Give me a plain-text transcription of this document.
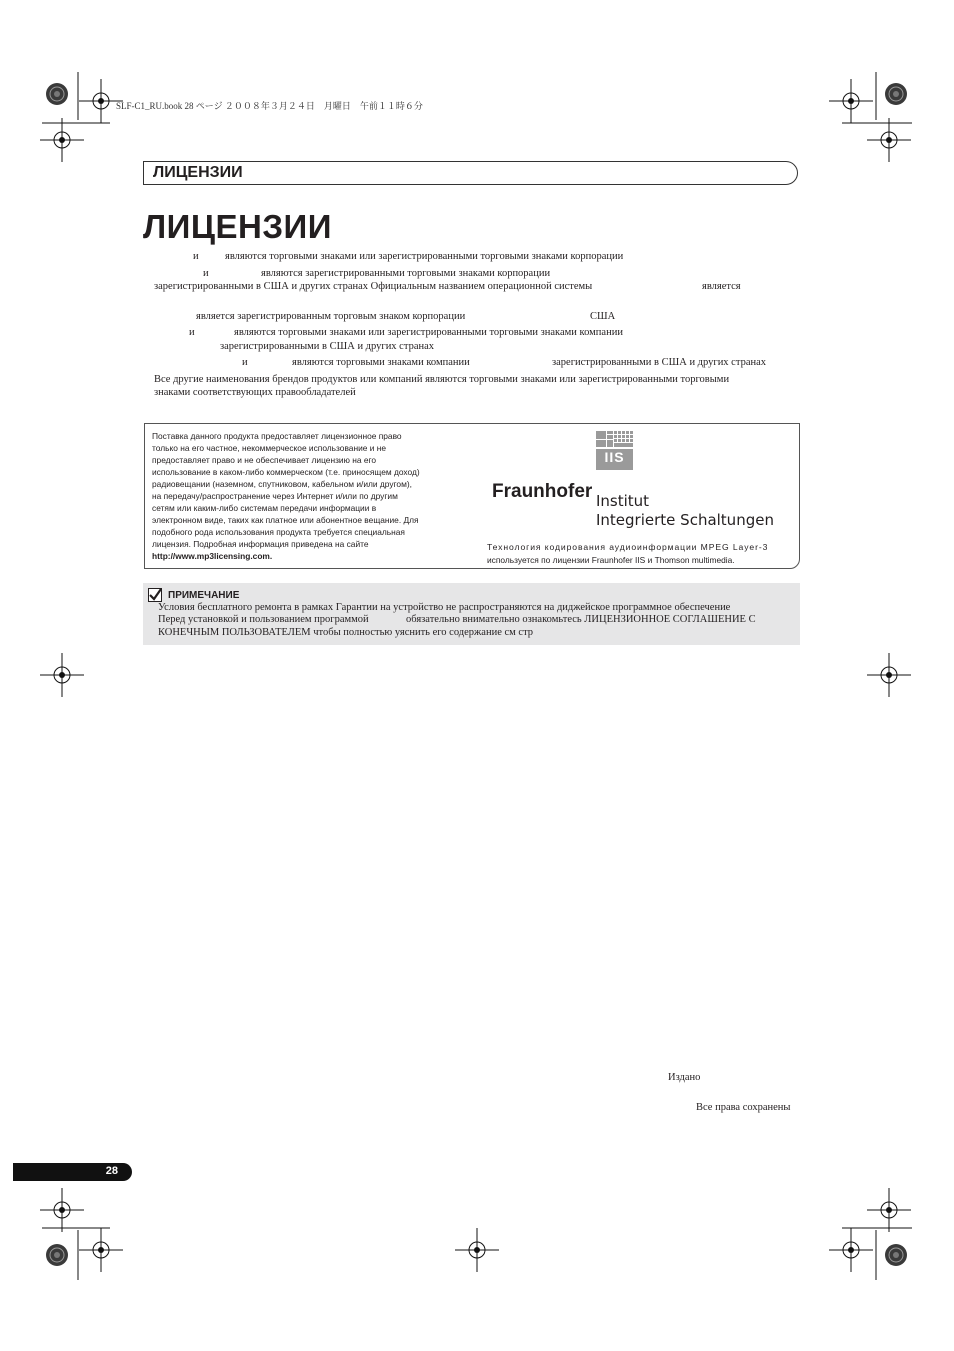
SLF-C1_RU.book 28 ページ ２００８年３月２４日　月曜日　午前１１時６分
ЛИЦЕНЗИИ
ЛИЦЕНЗИИ
и	являются торговыми знаками или зарегистрированными торговыми знаками корпорации
и	являются зарегистрированными торговыми знаками корпорации
зарегистрированными в США и других странах Официальным названием операционной системы	является
является зарегистрированным торговым знаком корпорации	США
и	являются торговыми знаками или зарегистрированными торговыми знаками компании
зарегистрированными в США и других странах
и	являются торговыми знаками компании	зарегистрированными в США и других странах
Все другие наименования брендов продуктов или компаний являются торговыми знаками или зарегистрированными торговыми
знаками соответствующих правообладателей
Поставка данного продукта предоставляет лицензионное право
только на его частное, некоммерческое использование и не
предоставляет право и не обеспечивает лицензию на его
использование в каком-либо коммерческом (т.е. приносящем доход)
радиовещании (наземном, спутниковом, кабельном и/или другом),
на передачу/распространение через Интернет и/или по другим
сетям или каким-либо системам передачи информации в
электронном виде, таких как платное или абонентное вещание. Для
подобного рода использования продукта требуется специальная
лицензия. Подробная информация приведена на сайте
http://www.mp3licensing.com.
IIS
Fraunhofer Institut
Integrierte Schaltungen
Технология кодирования аудиоинформации MPEG Layer-3
используется по лицензии Fraunhofer IIS и Thomson multimedia.
ПРИМЕЧАНИЕ
Условия бесплатного ремонта в рамках Гарантии на устройство не распространяются на диджейское программное обеспечение
Перед установкой и пользованием программой	обязательно внимательно ознакомьтесь ЛИЦЕНЗИОННОЕ СОГЛАШЕНИЕ С
КОНЕЧНЫМ ПОЛЬЗОВАТЕЛЕМ чтобы полностью уяснить его содержание см стр
Издано
Все права сохранены
28
